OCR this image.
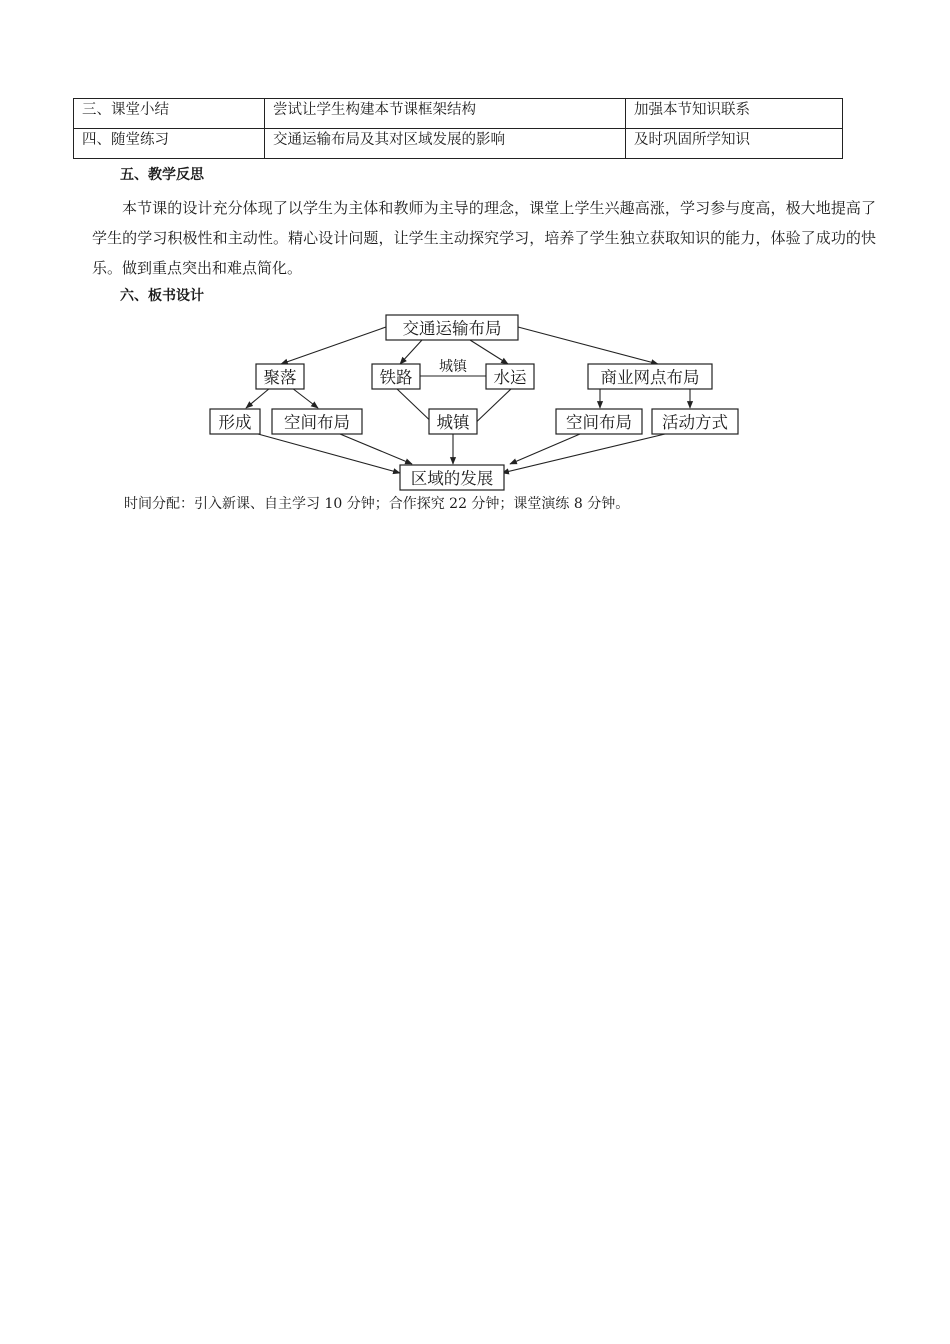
三、课堂小结	尝试让学生构建本节课框架结构	加强本节知识联系
四、随堂练习	交通运输布局及其对区域发展的影响	及时巩固所学知识
五、教学反思
本节课的设计充分体现了以学生为主体和教师为主导的理念，课堂上学生兴趣高涨，学习参与度高，极大地提高了学生的学习积极性和主动性。精心设计问题，让学生主动探究学习，培养了学生独立获取知识的能力，体验了成功的快乐。做到重点突出和难点简化。
六、板书设计
交通运输布局
聚落	铁路	水运	商业网点布局
形成 空间布局	城镇	空间布局 活动方式
区域的发展
城镇
时间分配：引入新课、自主学习 10 分钟；合作探究 22 分钟；课堂演练 8 分钟。
